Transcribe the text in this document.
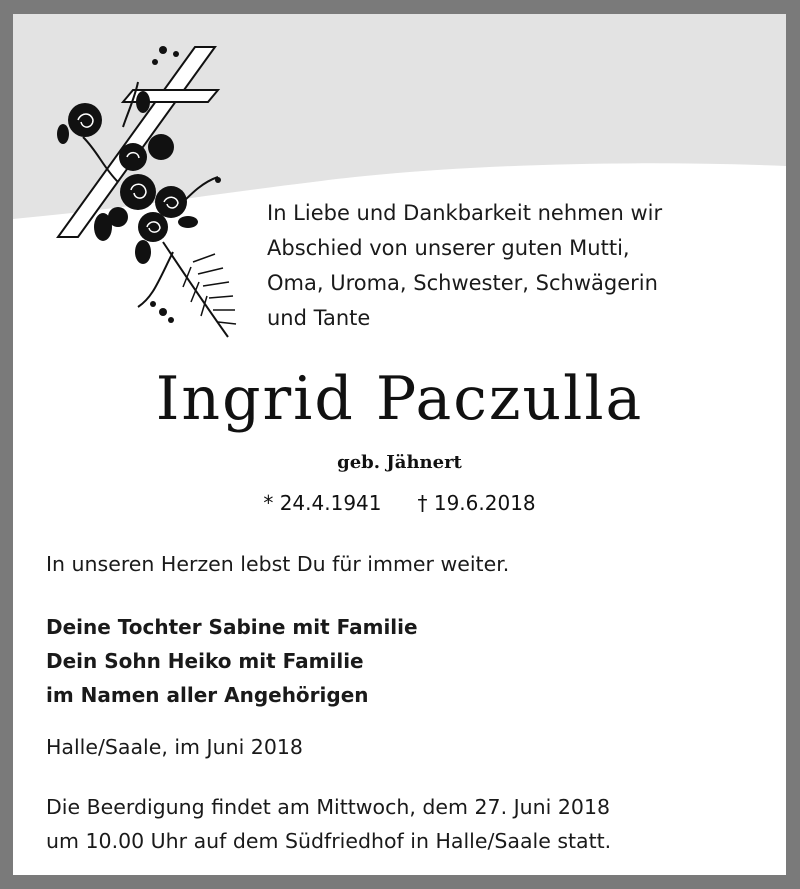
In Liebe und Dankbarkeit nehmen wir
Abschied von unserer guten Mutti,
Oma, Uroma, Schwester, Schwägerin
und Tante
Ingrid Paczulla
geb. Jähnert
* 24.4.1941 † 19.6.2018
In unseren Herzen lebst Du für immer weiter.
Deine Tochter Sabine mit Familie
Dein Sohn Heiko mit Familie
im Namen aller Angehörigen
Halle/Saale, im Juni 2018
Die Beerdigung findet am Mittwoch, dem 27. Juni 2018
um 10.00 Uhr auf dem Südfriedhof in Halle/Saale statt.
